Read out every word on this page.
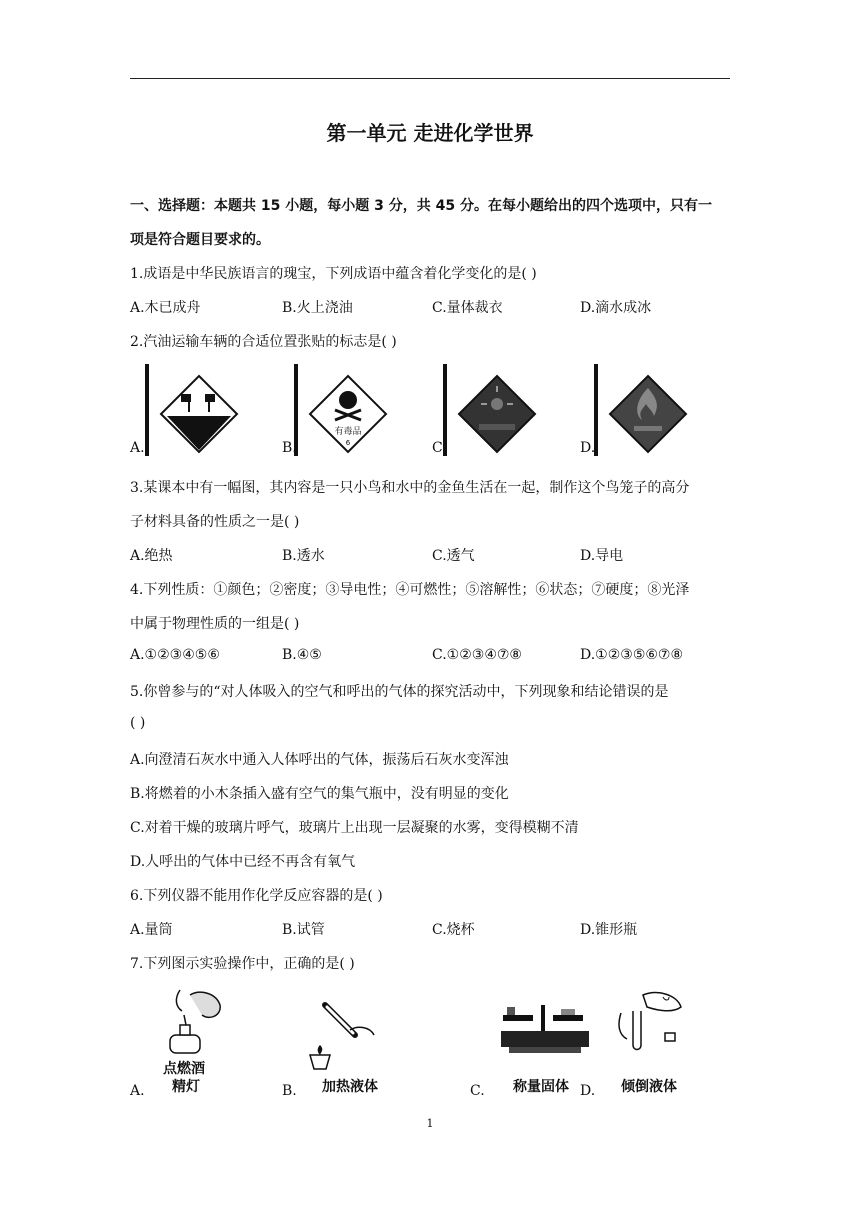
第一单元 走进化学世界
一、选择题：本题共 15 小题，每小题 3 分，共 45 分。在每小题给出的四个选项中，只有一
项是符合题目要求的。
1.成语是中华民族语言的瑰宝，下列成语中蕴含着化学变化的是( )
A.木已成舟	B.火上浇油	C.量体裁衣	D.滴水成冰
2.汽油运输车辆的合适位置张贴的标志是( )
A.
有毒品
6
B.	C.	D.
3.某课本中有一幅图，其内容是一只小鸟和水中的金鱼生活在一起，制作这个鸟笼子的高分
子材料具备的性质之一是( )
A.绝热	B.透水	C.透气	D.导电
4.下列性质：①颜色；②密度；③导电性；④可燃性；⑤溶解性；⑥状态；⑦硬度；⑧光泽
中属于物理性质的一组是( )
A.①②③④⑤⑥	B.④⑤	C.①②③④⑦⑧	D.①②③⑤⑥⑦⑧
5.你曾参与的“对人体吸入的空气和呼出的气体的探究活动中，下列现象和结论错误的是
( )
A.向澄清石灰水中通入人体呼出的气体，振荡后石灰水变浑浊
B.将燃着的小木条插入盛有空气的集气瓶中，没有明显的变化
C.对着干燥的玻璃片呼气，玻璃片上出现一层凝聚的水雾，变得模糊不清
D.人呼出的气体中已经不再含有氧气
6.下列仪器不能用作化学反应容器的是( )
A.量筒	B.试管	C.烧杯	D.锥形瓶
7.下列图示实验操作中，正确的是( )
点燃酒
精灯
A.	加热液体
B.	称量固体
C.	倾倒液体
D.
1
